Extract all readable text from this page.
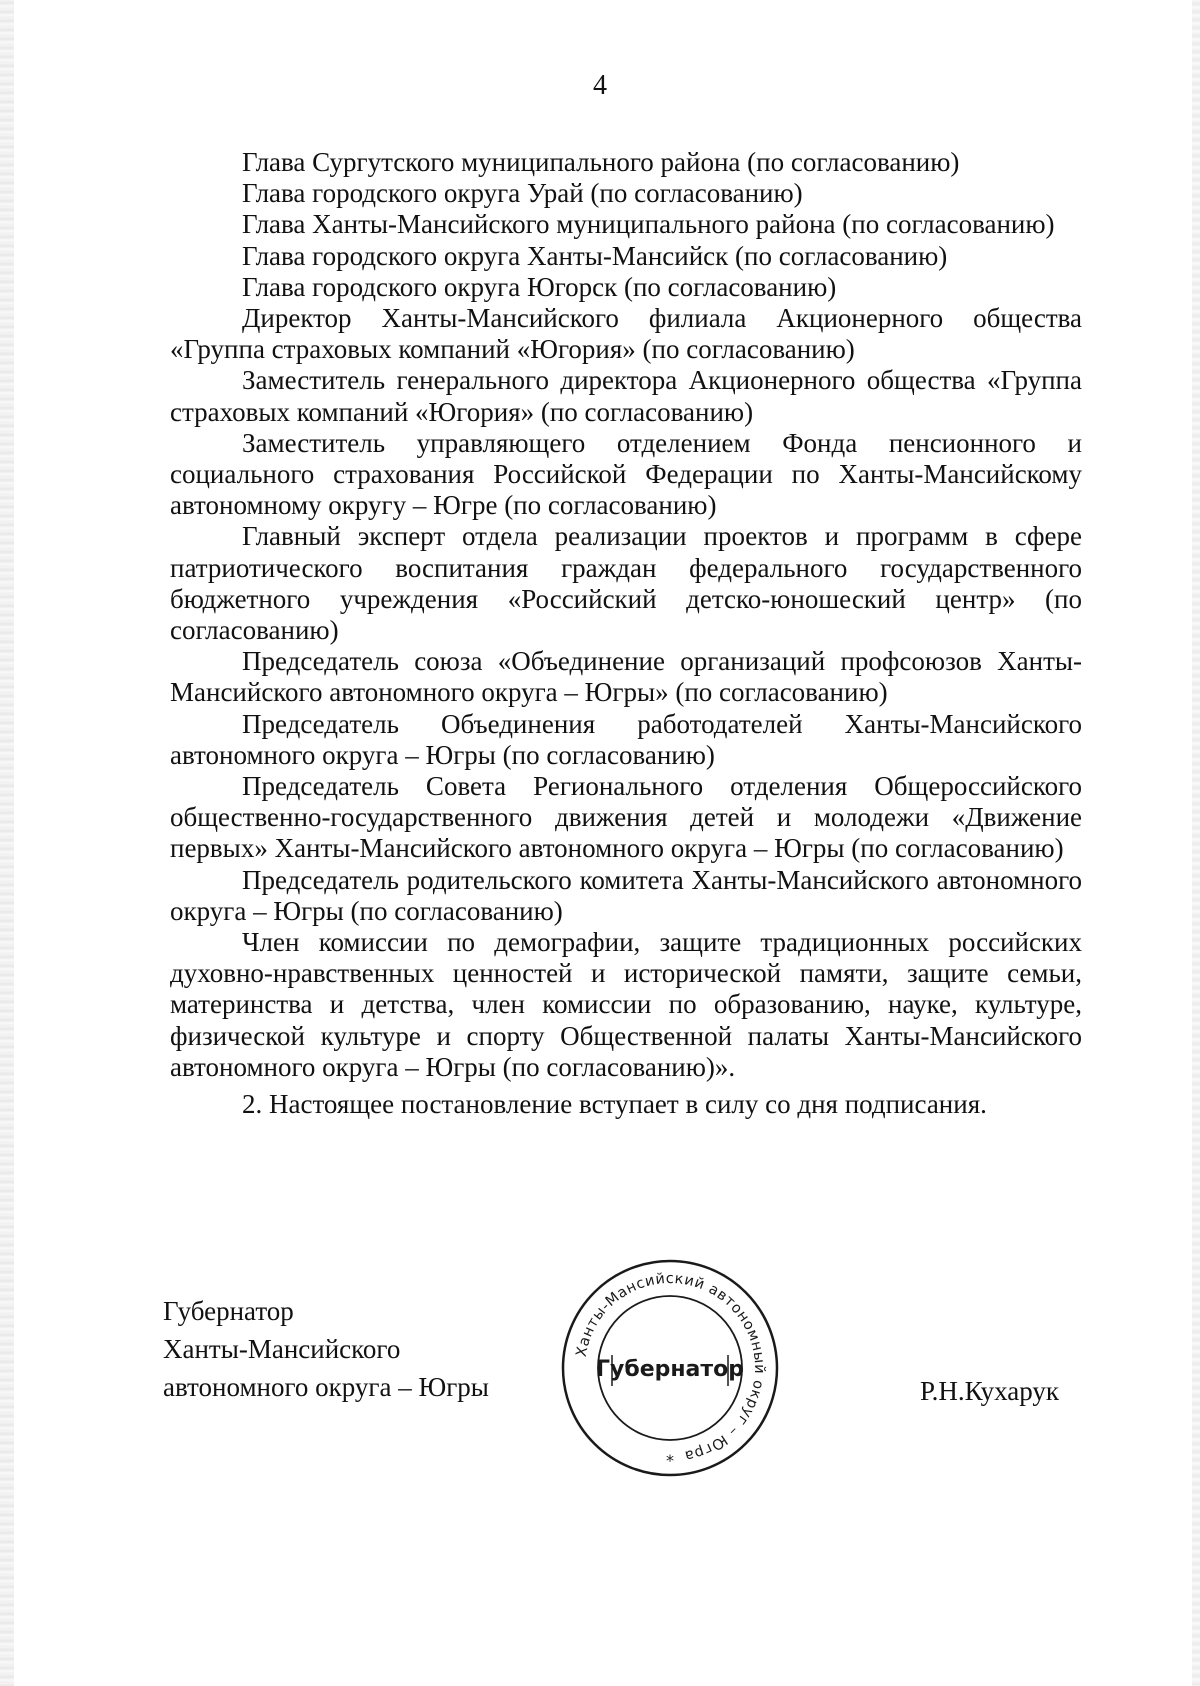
4

Глава Сургутского муниципального района (по согласованию)

Глава городского округа Урай (по согласованию)

Глава Ханты-Мансийского муниципального района (по согласованию)

Глава городского округа Ханты-Мансийск (по согласованию)

Глава городского округа Югорск (по согласованию)

Директор Ханты-Мансийского филиала Акционерного общества «Группа страховых компаний «Югория» (по согласованию)

Заместитель генерального директора Акционерного общества «Группа страховых компаний «Югория» (по согласованию)

Заместитель управляющего отделением Фонда пенсионного и социального страхования Российской Федерации по Ханты-Мансийскому автономному округу – Югре (по согласованию)

Главный эксперт отдела реализации проектов и программ в сфере патриотического воспитания граждан федерального государственного бюджетного учреждения «Российский детско-юношеский центр» (по согласованию)

Председатель союза «Объединение организаций профсоюзов Ханты-Мансийского автономного округа – Югры» (по согласованию)

Председатель Объединения работодателей Ханты-Мансийского автономного округа – Югры (по согласованию)

Председатель Совета Регионального отделения Общероссийского общественно-государственного движения детей и молодежи «Движение первых» Ханты-Мансийского автономного округа – Югры (по согласованию)

Председатель родительского комитета Ханты-Мансийского автономного округа – Югры (по согласованию)

Член комиссии по демографии, защите традиционных российских духовно-нравственных ценностей и исторической памяти, защите семьи, материнства и детства, член комиссии по образованию, науке, культуре, физической культуре и спорту Общественной палаты Ханты-Мансийского автономного округа – Югры (по согласованию)».

2. Настоящее постановление вступает в силу со дня подписания.

Губернатор
Ханты-Мансийского
автономного округа – Югры
Ханты-Мансийский автономный округ – Югра
Губернатор
*
Р.Н.Кухарук
